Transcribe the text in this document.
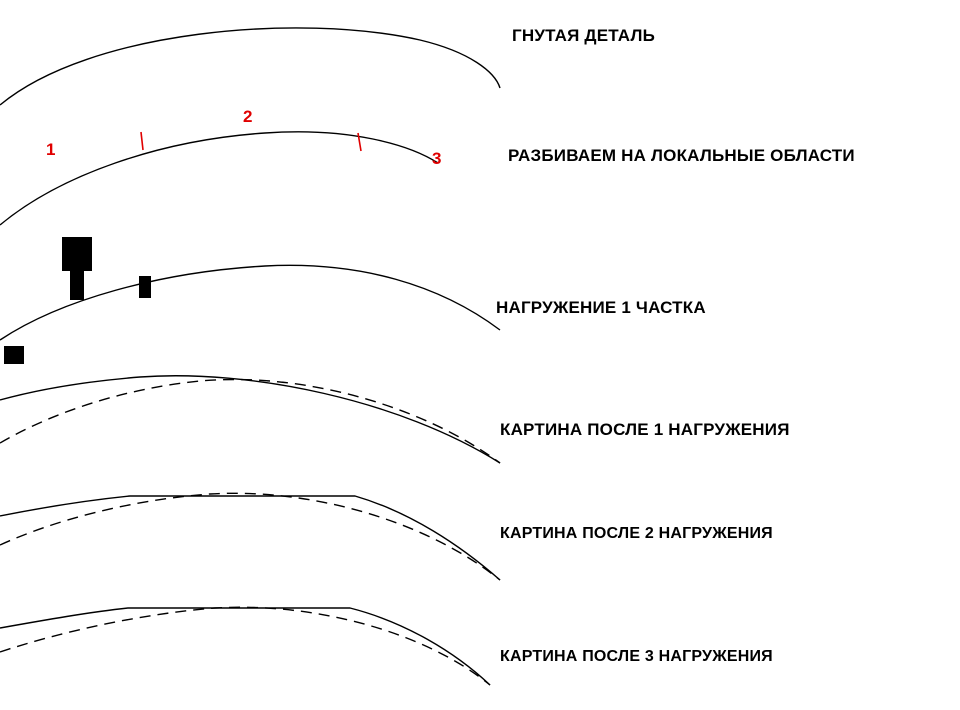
1
2
3
ГНУТАЯ ДЕТАЛЬ
РАЗБИВАЕМ НА ЛОКАЛЬНЫЕ ОБЛАСТИ
НАГРУЖЕНИЕ 1 ЧАСТКА
КАРТИНА ПОСЛЕ 1 НАГРУЖЕНИЯ
КАРТИНА ПОСЛЕ 2 НАГРУЖЕНИЯ
КАРТИНА ПОСЛЕ 3 НАГРУЖЕНИЯ
